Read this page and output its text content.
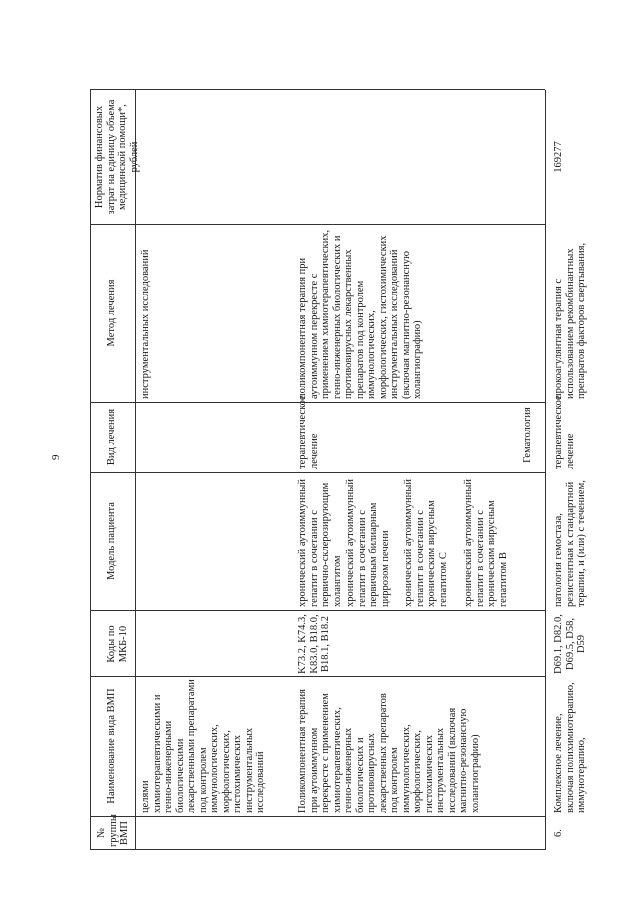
9
№ группы ВМП
Наименование вида ВМП
Коды по МКБ-10
Модель пациента
Вид лечения
Метод лечения
Норматив финансовых затрат на единицу объема медицинской помощи*, рублей
целями химиотерапевтическими и генно-инженерными биологическими лекарственными препаратами под контролем иммунологических, морфологических, гистохимических инструментальных исследований
инструментальных исследований
Поликомпонентная терапия при аутоиммунном перекресте с применением химиотерапевтических, генно-инженерных биологических и противовирусных лекарственных препаратов под контролем иммунологических, морфологических, гистохимических инструментальных исследований (включая магнитно-резонансную холангиографию)
K73.2, K74.3, K83.0, B18.0, B18.1, B18.2
хронический аутоиммунный гепатит в сочетании с первично-склерозирующим холангитом хронический аутоиммунный гепатит в сочетании с первичным билиарным циррозом печени хронический аутоиммунный гепатит в сочетании с хроническим вирусным гепатитом C хронический аутоиммунный гепатит в сочетании с хроническим вирусным гепатитом B
терапевтическое лечение
поликомпонентная терапия при аутоиммунном перекресте с применением химиотерапевтических, генно-инженерных биологических и противовирусных лекарственных препаратов под контролем иммунологических, морфологических, гистохимических инструментальных исследований (включая магнитно-резонансную холангиографию)
Гематология
6.
Комплексное лечение, включая полихимиотерапию, иммунотерапию,
D69.1, D82.0, D69.5, D58, D59
патология гемостаза, резистентная к стандартной терапии, и (или) с течением,
терапевтическое лечение
прокоагулянтная терапия с использованием рекомбинантных препаратов факторов свертывания,
169277
